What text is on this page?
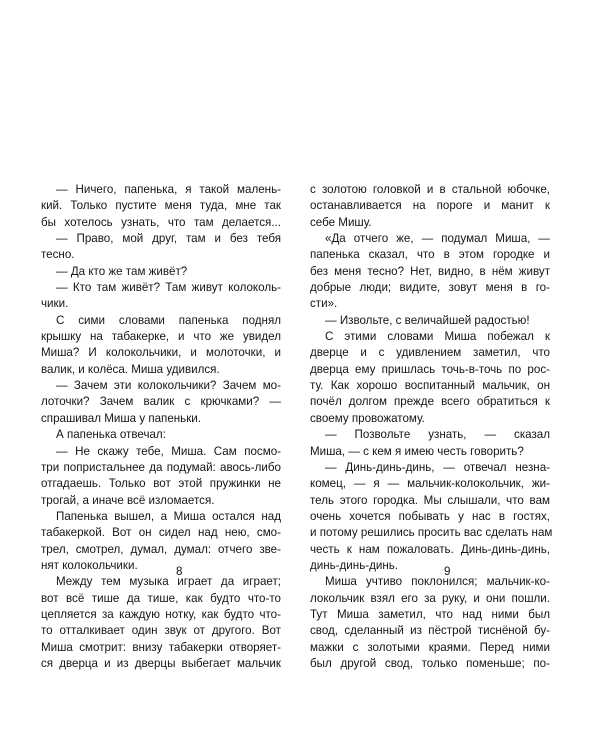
— Ничего, папенька, я такой малень-
кий. Только пустите меня туда, мне так
бы хотелось узнать, что там делается...
— Право, мой друг, там и без тебя
тесно.
— Да кто же там живёт?
— Кто там живёт? Там живут колоколь-
чики.
С сими словами папенька поднял
крышку на табакерке, и что же увидел
Миша? И колокольчики, и молоточки, и
валик, и колёса. Миша удивился.
— Зачем эти колокольчики? Зачем мо-
лоточки? Зачем валик с крючками? —
спрашивал Миша у папеньки.
А папенька отвечал:
— Не скажу тебе, Миша. Сам посмо-
три попристальнее да подумай: авось-либо
отгадаешь. Только вот этой пружинки не
трогай, а иначе всё изломается.
Папенька вышел, а Миша остался над
табакеркой. Вот он сидел над нею, смо-
трел, смотрел, думал, думал: отчего зве-
нят колокольчики.
Между тем музыка играет да играет;
вот всё тише да тише, как будто что-то
цепляется за каждую нотку, как будто что-
то отталкивает один звук от другого. Вот
Миша смотрит: внизу табакерки отворяет-
ся дверца и из дверцы выбегает мальчик
8
с золотою головкой и в стальной юбочке,
останавливается на пороге и манит к
себе Мишу.
«Да отчего же, — подумал Миша, —
папенька сказал, что в этом городке и
без меня тесно? Нет, видно, в нём живут
добрые люди; видите, зовут меня в го-
сти».
— Извольте, с величайшей радостью!
С этими словами Миша побежал к
дверце и с удивлением заметил, что
дверца ему пришлась точь-в-точь по рос-
ту. Как хорошо воспитанный мальчик, он
почёл долгом прежде всего обратиться к
своему провожатому.
— Позвольте узнать, — сказал
Миша, — с кем я имею честь говорить?
— Динь-динь-динь, — отвечал незна-
комец, — я — мальчик-колокольчик, жи-
тель этого городка. Мы слышали, что вам
очень хочется побывать у нас в гостях,
и потому решились просить вас сделать нам
честь к нам пожаловать. Динь-динь-динь,
динь-динь-динь.
Миша учтиво поклонился; мальчик-ко-
локольчик взял его за руку, и они пошли.
Тут Миша заметил, что над ними был
свод, сделанный из пёстрой тиснёной бу-
мажки с золотыми краями. Перед ними
был другой свод, только поменьше; по-
9
